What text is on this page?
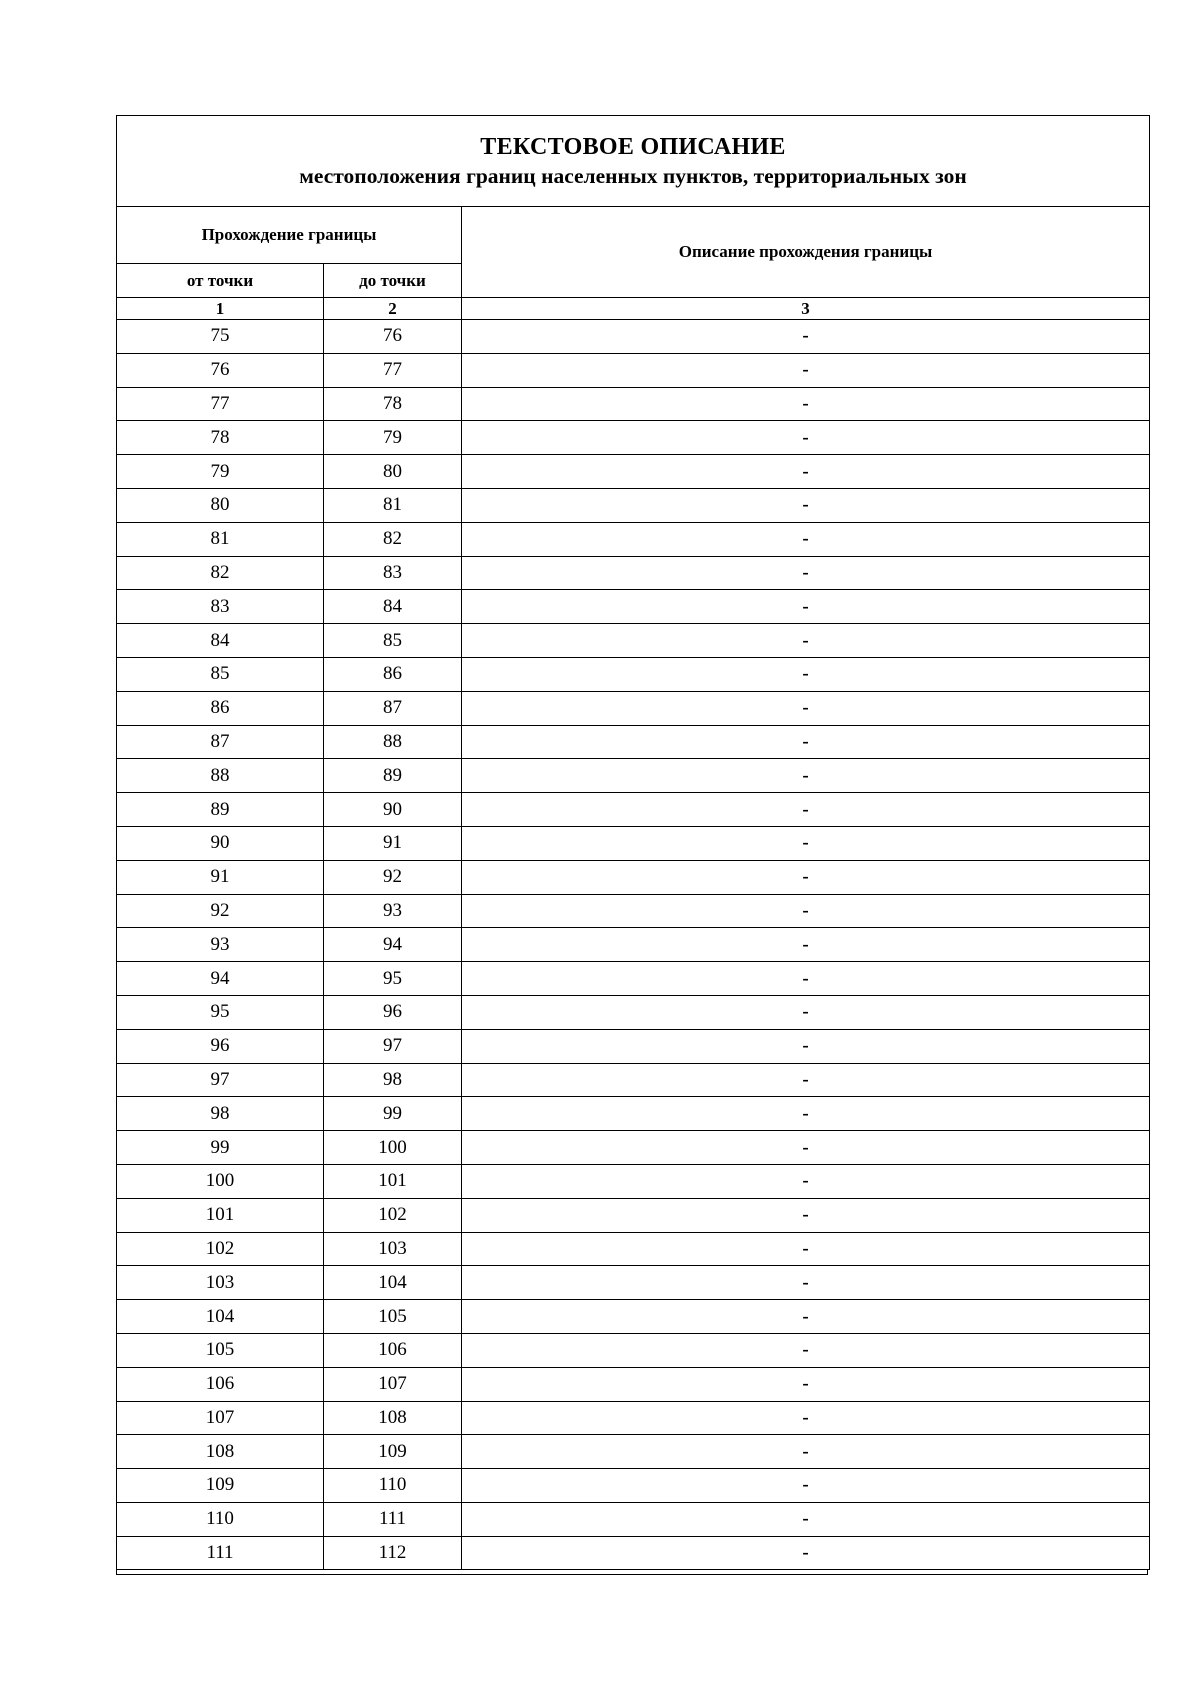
ТЕКСТОВОЕ ОПИСАНИЕ
местоположения границ населенных пунктов, территориальных зон		

Прохождение границы		Описание прохождения границы
от точки	до точки	
1	2	3
75	76	-
76	77	-
77	78	-
78	79	-
79	80	-
80	81	-
81	82	-
82	83	-
83	84	-
84	85	-
85	86	-
86	87	-
87	88	-
88	89	-
89	90	-
90	91	-
91	92	-
92	93	-
93	94	-
94	95	-
95	96	-
96	97	-
97	98	-
98	99	-
99	100	-
100	101	-
101	102	-
102	103	-
103	104	-
104	105	-
105	106	-
106	107	-
107	108	-
108	109	-
109	110	-
110	111	-
111	112	-
